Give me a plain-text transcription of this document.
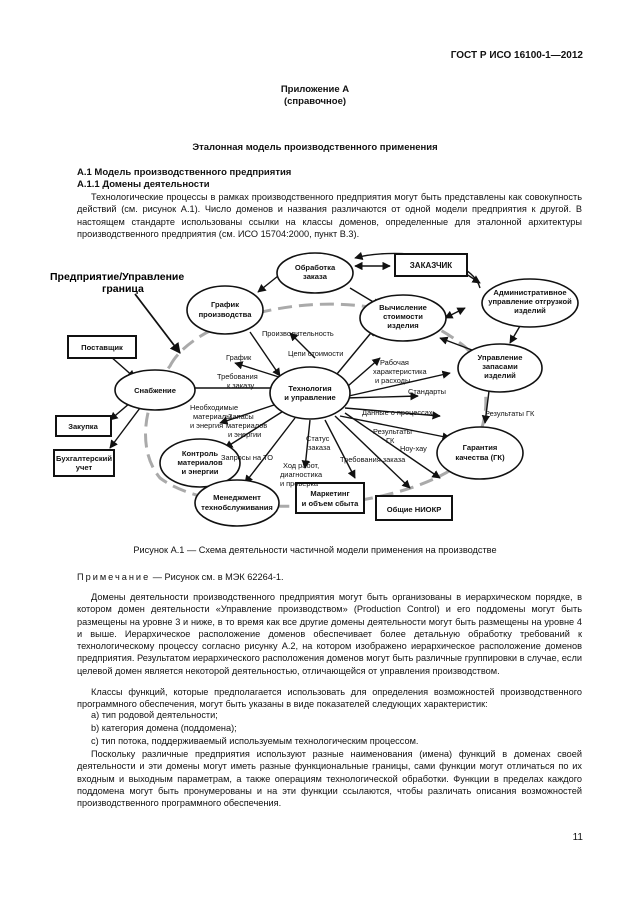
ГОСТ Р ИСО 16100-1—2012
Приложение А
(справочное)
Эталонная модель производственного применения
А.1 Модель производственного предприятия
А.1.1 Домены деятельности
Технологические процессы в рамках производственного предприятия могут быть представлены как совокупность действий (см. рисунок А.1). Число доменов и названия различаются от одной модели предприятия к другой. В настоящем стандарте использованы ссылки на классы доменов, определенные для эталонной архитектуры производственного предприятия (см. ИСО 15704:2000, пункт В.3).
Предприятие/Управление
граница
Обработка
заказа
ЗАКАЗЧИК
Административное
управление отгрузкой
изделий
График
производства
Вычисление
стоимости
изделия
Поставщик
Снабжение	Технология
и управление
Управление
запасами
изделий
Закупка
Бухгалтерский
учет
Контроль
материалов
и энергии
Гарантия
качества (ГК)
Менеджмент
технобслуживания
Маркетинг
и объем сбыта
Общие НИОКР
Производительность
График	Цепи стоимости
Рабочая
характеристика
и расходы
Требования
к заказу
Стандарты
Необходимые
материалы
и энергия
Запасы
материалов
и энергии
Данные о процессах
Результаты
ГК
Результаты ГК
Запросы на ТО
Статус
заказа
Ход работ,
диагностика
и проверка
Требования заказа
Ноу-хау
Рисунок А.1 — Схема деятельности частичной модели применения на производстве
Примечание — Рисунок см. в МЭК 62264-1.
Домены деятельности производственного предприятия могут быть организованы в иерархическом порядке, в котором домен деятельности «Управление производством» (Production Control) и его поддомены могут быть размещены на уровне 3 и ниже, в то время как все другие домены деятельности могут быть размещены на уровне 4 и выше. Иерархическое расположение доменов обеспечивает более детальную обработку требований к технологическому процессу согласно рисунку А.2, на котором изображено иерархическое расположение доменов предприятия. Результатом иерархического расположения доменов могут быть различные группировки в случае, если целевой домен является некоторой деятельностью, отличающейся от управления производством.
Классы функций, которые предполагается использовать для определения возможностей производственного программного обеспечения, могут быть указаны в виде показателей следующих характеристик:
а) тип родовой деятельности;
b) категория домена (поддомена);
с) тип потока, поддерживаемый используемым технологическим процессом.
Поскольку различные предприятия используют разные наименования (имена) функций в доменах своей деятельности и эти домены могут иметь разные функциональные границы, сами функции могут отличаться по их входным и выходным параметрам, а также операциям технологической обработки. Функции в пределах каждого поддомена могут быть пронумерованы и на эти функции ссылаются, чтобы различать описания возможностей производственного программного обеспечения.
11
